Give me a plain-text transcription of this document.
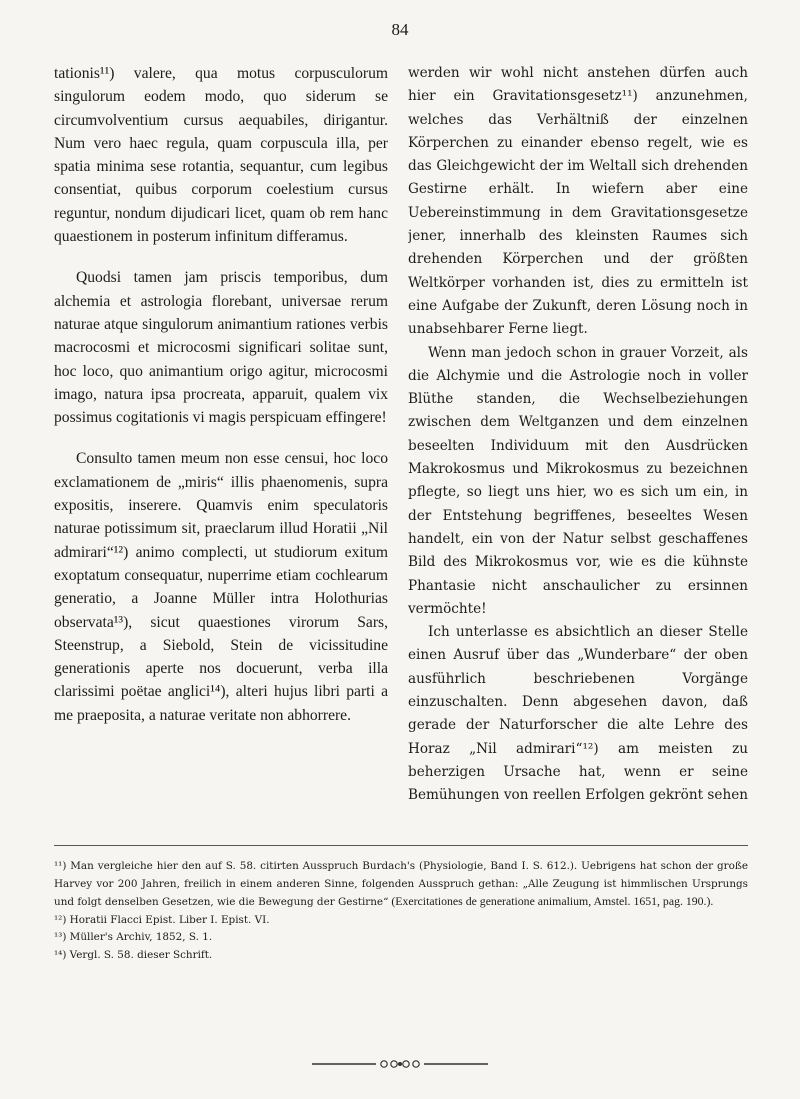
84

tationis¹¹) valere, qua motus corpusculorum singulorum eodem modo, quo siderum se circumvolventium cursus aequabiles, dirigantur. Num vero haec regula, quam corpuscula illa, per spatia minima sese rotantia, sequantur, cum legibus consentiat, quibus corporum coelestium cursus reguntur, nondum dijudicari licet, quam ob rem hanc quaestionem in posterum infinitum differamus.

Quodsi tamen jam priscis temporibus, dum alchemia et astrologia florebant, universae rerum naturae atque singulorum animantium rationes verbis macrocosmi et microcosmi significari solitae sunt, hoc loco, quo animantium origo agitur, microcosmi imago, natura ipsa procreata, apparuit, qualem vix possimus cogitationis vi magis perspicuam effingere!

Consulto tamen meum non esse censui, hoc loco exclamationem de „miris“ illis phaenomenis, supra expositis, inserere. Quamvis enim speculatoris naturae potissimum sit, praeclarum illud Horatii „Nil admirari“¹²) animo complecti, ut studiorum exitum exoptatum consequatur, nuperrime etiam cochlearum generatio, a Joanne Müller intra Holothurias observata¹³), sicut quaestiones virorum Sars, Steenstrup, a Siebold, Stein de vicissitudine generationis aperte nos docuerunt, verba illa clarissimi poëtae anglici¹⁴), alteri hujus libri parti a me praeposita, a naturae veritate non abhorrere.

werden wir wohl nicht anstehen dürfen auch hier ein Gravitationsgesetz¹¹) anzunehmen, welches das Verhältniß der einzelnen Körperchen zu einander ebenso regelt, wie es das Gleichgewicht der im Weltall sich drehenden Gestirne erhält. In wiefern aber eine Uebereinstimmung in dem Gravitationsgesetze jener, innerhalb des kleinsten Raumes sich drehenden Körperchen und der größten Weltkörper vorhanden ist, dies zu ermitteln ist eine Aufgabe der Zukunft, deren Lösung noch in unabsehbarer Ferne liegt.

Wenn man jedoch schon in grauer Vorzeit, als die Alchymie und die Astrologie noch in voller Blüthe standen, die Wechselbeziehungen zwischen dem Weltganzen und dem einzelnen beseelten Individuum mit den Ausdrücken Makrokosmus und Mikrokosmus zu bezeichnen pflegte, so liegt uns hier, wo es sich um ein, in der Entstehung begriffenes, beseeltes Wesen handelt, ein von der Natur selbst geschaffenes Bild des Mikrokosmus vor, wie es die kühnste Phantasie nicht anschaulicher zu ersinnen vermöchte!

Ich unterlasse es absichtlich an dieser Stelle einen Ausruf über das „Wunderbare“ der oben ausführlich beschriebenen Vorgänge einzuschalten. Denn abgesehen davon, daß gerade der Naturforscher die alte Lehre des Horaz „Nil admirari“¹²) am meisten zu beherzigen Ursache hat, wenn er seine Bemühungen von reellen Erfolgen gekrönt sehen

¹¹) Man vergleiche hier den auf S. 58. citirten Ausspruch Burdach's (Physiologie, Band I. S. 612.). Uebrigens hat schon der große Harvey vor 200 Jahren, freilich in einem anderen Sinne, folgenden Ausspruch gethan: „Alle Zeugung ist himmlischen Ursprungs und folgt denselben Gesetzen, wie die Bewegung der Gestirne“ (Exercitationes de generatione animalium, Amstel. 1651, pag. 190.).

¹²) Horatii Flacci Epist. Liber I. Epist. VI.

¹³) Müller's Archiv, 1852, S. 1.

¹⁴) Vergl. S. 58. dieser Schrift.
